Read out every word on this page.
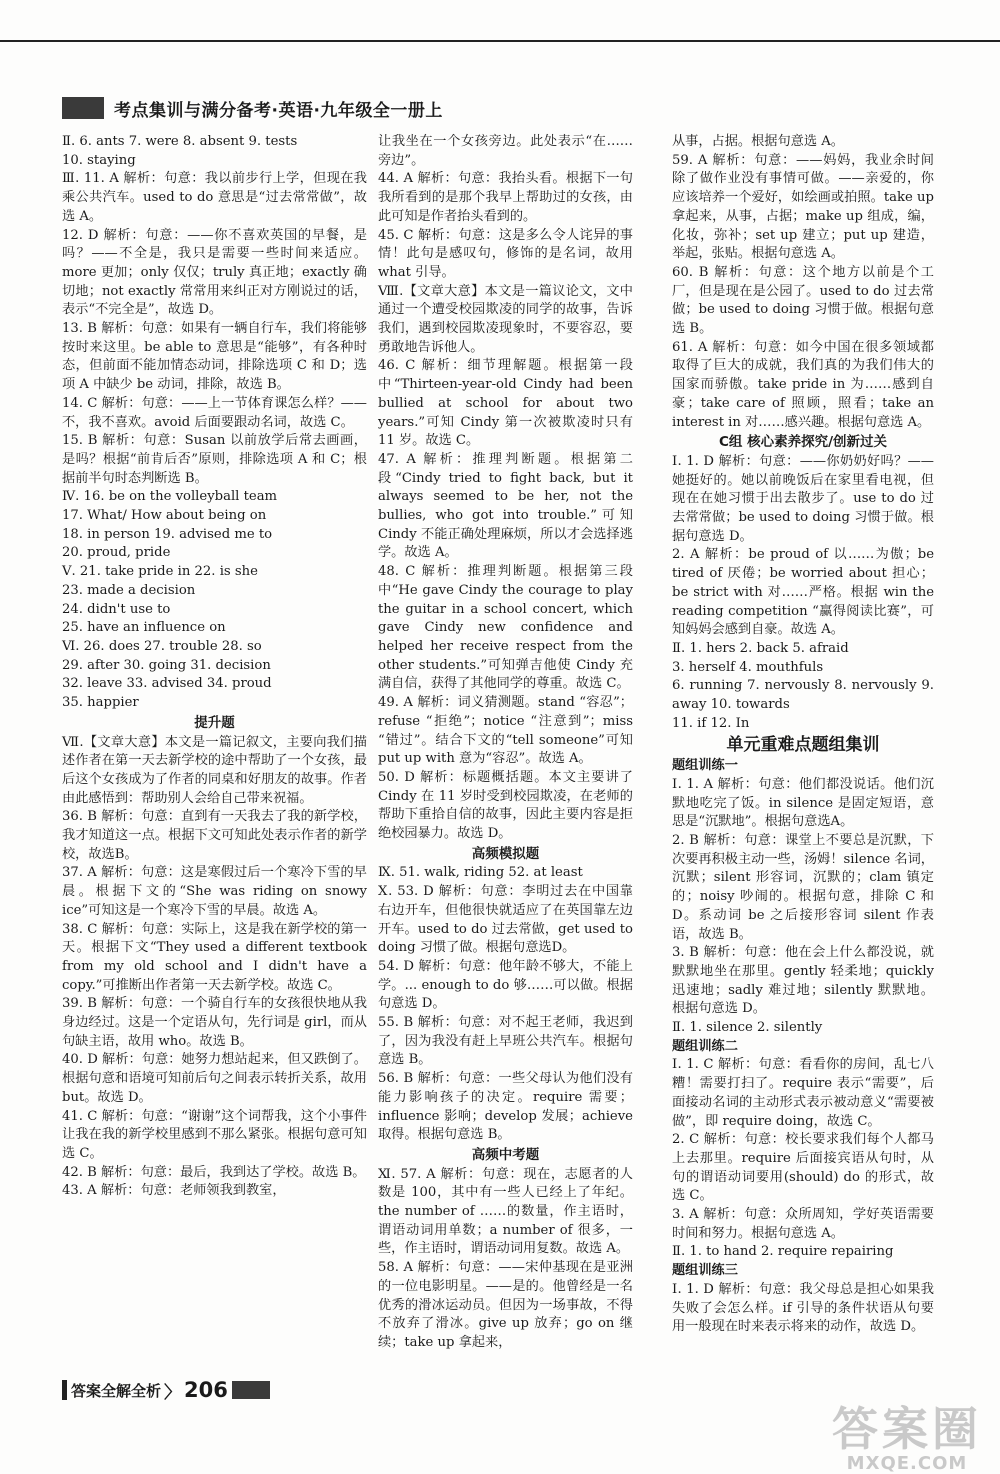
考点集训与满分备考·英语·九年级全一册上

Ⅱ. 6. ants 7. were 8. absent 9. tests

10. staying

Ⅲ. 11. A 解析：句意：我以前步行上学，但现在我乘公共汽车。used to do 意思是“过去常常做”，故选 A。

12. D 解析：句意：——你不喜欢英国的早餐，是吗？——不全是，我只是需要一些时间来适应。more 更加；only 仅仅；truly 真正地；exactly 确切地；not exactly 常常用来纠正对方刚说过的话，表示“不完全是”，故选 D。

13. B 解析：句意：如果有一辆自行车，我们将能够按时来这里。be able to 意思是“能够”，有各种时态，但前面不能加情态动词，排除选项 C 和 D；选项 A 中缺少 be 动词，排除，故选 B。

14. C 解析：句意：——上一节体育课怎么样？——不，我不喜欢。avoid 后面要跟动名词，故选 C。

15. B 解析：句意：Susan 以前放学后常去画画，是吗？根据“前肯后否”原则，排除选项 A 和 C；根据前半句时态判断选 B。

Ⅳ. 16. be on the volleyball team

17. What/ How about being on

18. in person 19. advised me to

20. proud, pride

Ⅴ. 21. take pride in 22. is she

23. made a decision

24. didn't use to

25. have an influence on

Ⅵ. 26. does 27. trouble 28. so

29. after 30. going 31. decision

32. leave 33. advised 34. proud

35. happier

提升题

Ⅶ.【文章大意】本文是一篇记叙文，主要向我们描述作者在第一天去新学校的途中帮助了一个女孩，最后这个女孩成为了作者的同桌和好朋友的故事。作者由此感悟到：帮助别人会给自己带来祝福。

36. B 解析：句意：直到有一天我去了我的新学校，我才知道这一点。根据下文可知此处表示作者的新学校，故选B。

37. A 解析：句意：这是寒假过后一个寒冷下雪的早晨。根据下文的“She was riding on snowy ice”可知这是一个寒冷下雪的早晨。故选 A。

38. C 解析：句意：实际上，这是我在新学校的第一天。根据下文“They used a different textbook from my old school and I didn't have a copy.”可推断出作者第一天去新学校。故选 C。

39. B 解析：句意：一个骑自行车的女孩很快地从我身边经过。这是一个定语从句，先行词是 girl，而从句缺主语，故用 who。故选 B。

40. D 解析：句意：她努力想站起来，但又跌倒了。根据句意和语境可知前后句之间表示转折关系，故用 but。故选 D。

41. C 解析：句意：“谢谢”这个词帮我，这个小事件让我在我的新学校里感到不那么紧张。根据句意可知选 C。

42. B 解析：句意：最后，我到达了学校。故选 B。

43. A 解析：句意：老师领我到教室，

让我坐在一个女孩旁边。此处表示“在……旁边”。

44. A 解析：句意：我抬头看。根据下一句我所看到的是那个我早上帮助过的女孩，由此可知是作者抬头看到的。

45. C 解析：句意：这是多么令人诧异的事情！此句是感叹句，修饰的是名词，故用 what 引导。

Ⅷ.【文章大意】本文是一篇议论文，文中通过一个遭受校园欺凌的同学的故事，告诉我们，遇到校园欺凌现象时，不要容忍，要勇敢地告诉他人。

46. C 解析：细节理解题。根据第一段中“Thirteen-year-old Cindy had been bullied at school for about two years.”可知 Cindy 第一次被欺凌时只有 11 岁。故选 C。

47. A 解析：推理判断题。根据第二段“Cindy tried to fight back, but it always seemed to be her, not the bullies, who got into trouble.”可知 Cindy 不能正确处理麻烦，所以才会选择逃学。故选 A。

48. C 解析：推理判断题。根据第三段中“He gave Cindy the courage to play the guitar in a school concert, which gave Cindy new confidence and helped her receive respect from the other students.”可知弹吉他使 Cindy 充满自信，获得了其他同学的尊重。故选 C。

49. A 解析：词义猜测题。stand “容忍”；refuse “拒绝”；notice “注意到”；miss “错过”。结合下文的“tell someone”可知 put up with 意为“容忍”。故选 A。

50. D 解析：标题概括题。本文主要讲了 Cindy 在 11 岁时受到校园欺凌，在老师的帮助下重拾自信的故事，因此主要内容是拒绝校园暴力。故选 D。

高频模拟题

Ⅸ. 51. walk, riding 52. at least

Ⅹ. 53. D 解析：句意：李明过去在中国靠右边开车，但他很快就适应了在英国靠左边开车。used to do 过去常做，get used to doing 习惯了做。根据句意选D。

54. D 解析：句意：他年龄不够大，不能上学。... enough to do 够……可以做。根据句意选 D。

55. B 解析：句意：对不起王老师，我迟到了，因为我没有赶上早班公共汽车。根据句意选 B。

56. B 解析：句意：一些父母认为他们没有能力影响孩子的决定。require 需要；influence 影响；develop 发展；achieve 取得。根据句意选 B。

高频中考题

Ⅺ. 57. A 解析：句意：现在，志愿者的人数是 100，其中有一些人已经上了年纪。the number of ……的数量，作主语时，谓语动词用单数；a number of 很多，一些，作主语时，谓语动词用复数。故选 A。

58. A 解析：句意：——宋仲基现在是亚洲的一位电影明星。——是的。他曾经是一名优秀的滑冰运动员。但因为一场事故，不得不放弃了滑冰。give up 放弃；go on 继续；take up 拿起来，

从事，占据。根据句意选 A。

59. A 解析：句意：——妈妈，我业余时间除了做作业没有事情可做。——亲爱的，你应该培养一个爱好，如绘画或拍照。take up 拿起来，从事，占据；make up 组成，编，化妆，弥补；set up 建立；put up 建造，举起，张贴。根据句意选 A。

60. B 解析：句意：这个地方以前是个工厂，但是现在是公园了。used to do 过去常做；be used to doing 习惯于做。根据句意选 B。

61. A 解析：句意：如今中国在很多领域都取得了巨大的成就，我们真的为我们伟大的国家而骄傲。take pride in 为……感到自豪；take care of 照顾，照看；take an interest in 对……感兴趣。根据句意选 A。

C组 核心素养探究/创新过关

Ⅰ. 1. D 解析：句意：——你奶奶好吗？——她挺好的。她以前晚饭后在家里看电视，但现在在她习惯于出去散步了。use to do 过去常常做；be used to doing 习惯于做。根据句意选 D。

2. A 解析：be proud of 以……为傲；be tired of 厌倦；be worried about 担心；be strict with 对……严格。根据 win the reading competition “赢得阅读比赛”，可知妈妈会感到自豪。故选 A。

Ⅱ. 1. hers 2. back 5. afraid

3. herself 4. mouthfuls

6. running 7. nervously 8. nervously 9. away 10. towards

11. if 12. In

单元重难点题组集训
题组训练一

Ⅰ. 1. A 解析：句意：他们都没说话。他们沉默地吃完了饭。in silence 是固定短语，意思是“沉默地”。根据句意选A。

2. B 解析：句意：课堂上不要总是沉默，下次要再积极主动一些，汤姆！silence 名词，沉默；silent 形容词，沉默的；clam 镇定的；noisy 吵闹的。根据句意，排除 C 和 D。系动词 be 之后接形容词 silent 作表语，故选 B。

3. B 解析：句意：他在会上什么都没说，就默默地坐在那里。gently 轻柔地；quickly 迅速地；sadly 难过地；silently 默默地。根据句意选 D。

Ⅱ. 1. silence 2. silently

题组训练二

Ⅰ. 1. C 解析：句意：看看你的房间，乱七八糟！需要打扫了。require 表示“需要”，后面接动名词的主动形式表示被动意义“需要被做”，即 require doing，故选 C。

2. C 解析：句意：校长要求我们每个人都马上去那里。require 后面接宾语从句时，从句的谓语动词要用(should) do 的形式，故选 C。

3. A 解析：句意：众所周知，学好英语需要时间和努力。根据句意选 A。

Ⅱ. 1. to hand 2. require repairing

题组训练三

Ⅰ. 1. D 解析：句意：我父母总是担心如果我失败了会怎么样。if 引导的条件状语从句要用一般现在时来表示将来的动作，故选 D。

答案全解全析 〉 206
答案圈
MXQE.COM
